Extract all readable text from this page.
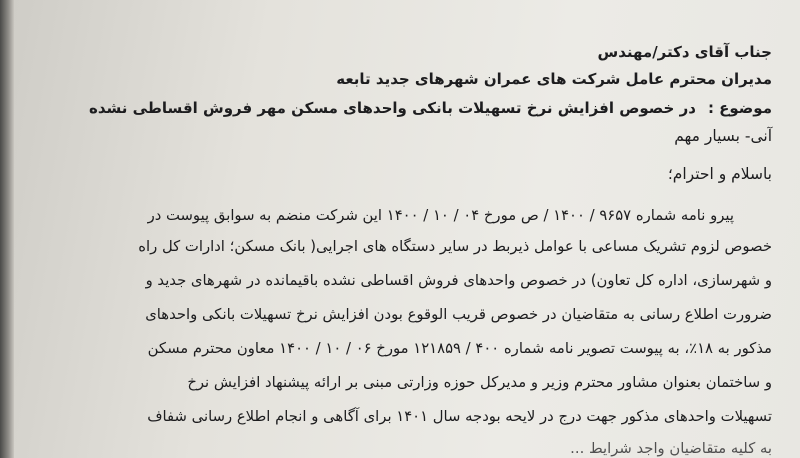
جناب آقای دکتر/مهندس
مدیران محترم عامل شرکت های عمران شهرهای جدید تابعه
موضوع :در خصوص افزایش نرخ تسهیلات بانکی واحدهای مسکن مهر فروش اقساطی نشده
آنی- بسیار مهم
باسلام و احترام؛
پیرو نامه شماره ۹۶۵۷ / ۱۴۰۰ / ص مورخ ۰۴ / ۱۰ / ۱۴۰۰ این شرکت منضم به سوابق پیوست در
خصوص لزوم تشریک مساعی با عوامل ذیربط در سایر دستگاه های اجرایی( بانک مسکن؛ ادارات کل راه
و شهرسازی، اداره کل تعاون) در خصوص واحدهای فروش اقساطی نشده باقیمانده در شهرهای جدید و
ضرورت اطلاع رسانی به متقاضیان در خصوص قریب الوقوع بودن افزایش نرخ تسهیلات بانکی واحدهای
مذکور به ۱۸٪، به پیوست تصویر نامه شماره ۴۰۰ / ۱۲۱۸۵۹ مورخ ۰۶ / ۱۰ / ۱۴۰۰ معاون محترم مسکن
و ساختمان بعنوان مشاور محترم وزیر و مدیرکل حوزه وزارتی مبنی بر ارائه پیشنهاد افزایش نرخ
تسهیلات واحدهای مذکور جهت درج در لایحه بودجه سال ۱۴۰۱ برای آگاهی و انجام اطلاع رسانی شفاف
به کلیه متقاضیان واجد شرایط ...
